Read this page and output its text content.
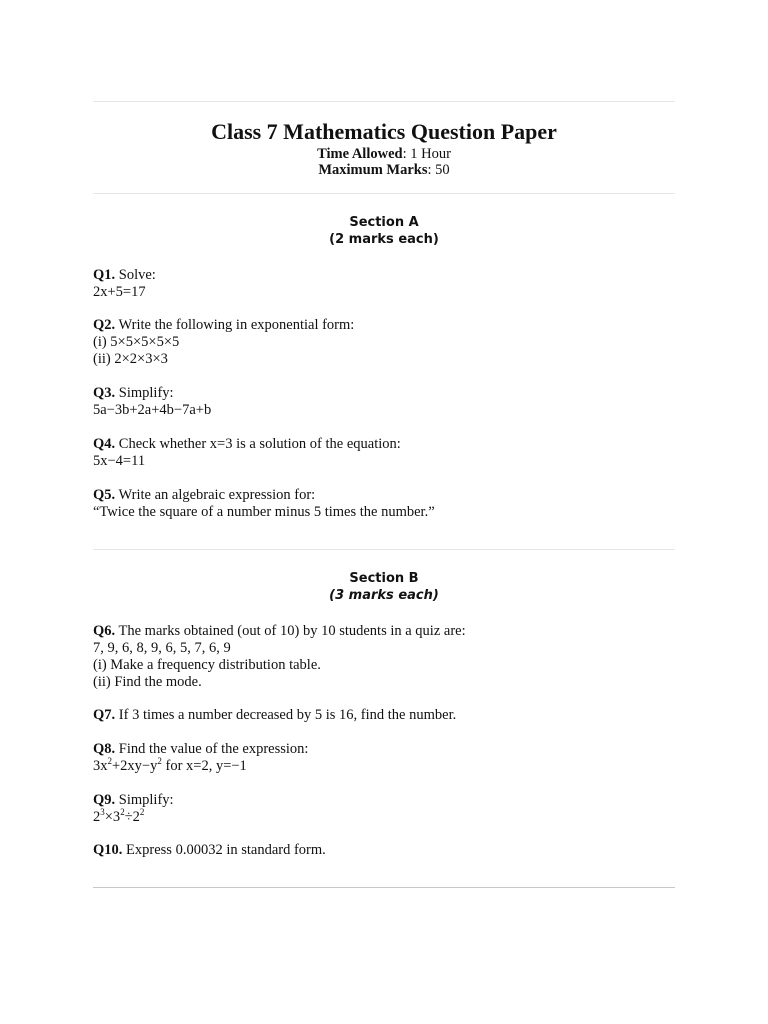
Class 7 Mathematics Question Paper
Time Allowed: 1 Hour
Maximum Marks: 50
Section A
(2 marks each)
Q1. Solve:
2x+5=17
Q2. Write the following in exponential form:
(i) 5×5×5×5×5
(ii) 2×2×3×3
Q3. Simplify:
5a−3b+2a+4b−7a+b
Q4. Check whether x=3 is a solution of the equation:
5x−4=11
Q5. Write an algebraic expression for:
“Twice the square of a number minus 5 times the number.”
Section B
(3 marks each)
Q6. The marks obtained (out of 10) by 10 students in a quiz are:
7, 9, 6, 8, 9, 6, 5, 7, 6, 9
(i) Make a frequency distribution table.
(ii) Find the mode.
Q7. If 3 times a number decreased by 5 is 16, find the number.
Q8. Find the value of the expression:
$3x^2+2xy-y^2$ for x=2, y=−1
Q9. Simplify:
$2^3\times 3^2\div 2^2$
Q10. Express 0.00032 in standard form.
